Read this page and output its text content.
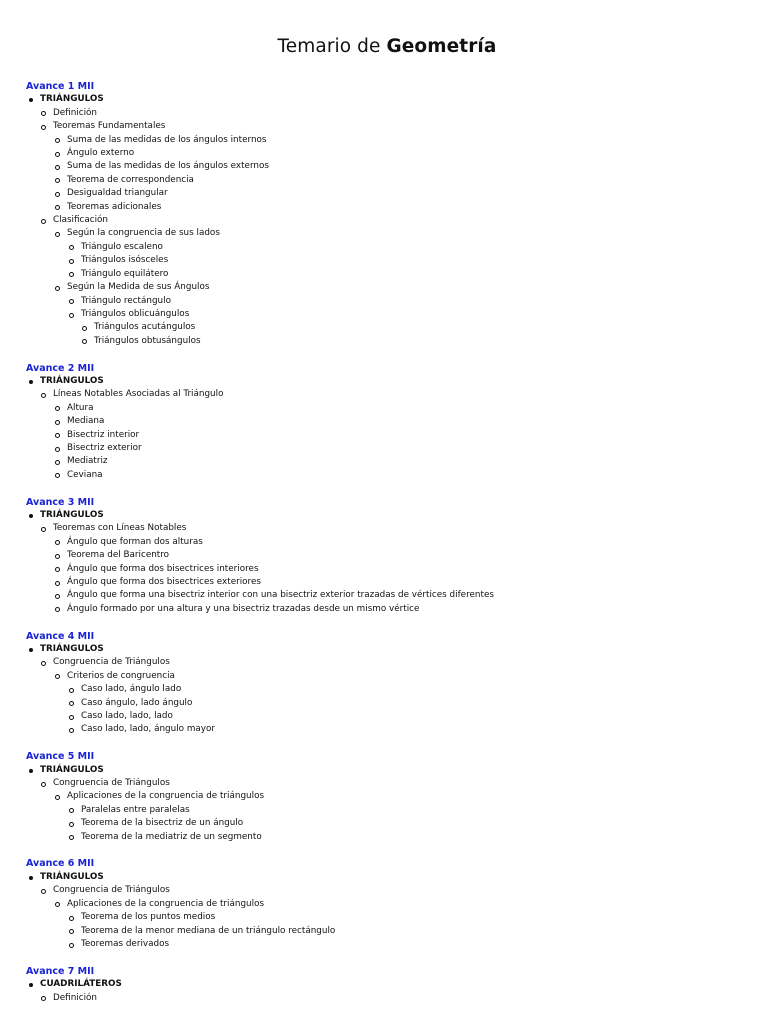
Temario de Geometría
Avance 1 MII
TRIÁNGULOS
Definición
Teoremas Fundamentales
Suma de las medidas de los ángulos internos
Ángulo externo
Suma de las medidas de los ángulos externos
Teorema de correspondencia
Desigualdad triangular
Teoremas adicionales
Clasificación
Según la congruencia de sus lados
Triángulo escaleno
Triángulos isósceles
Triángulo equilátero
Según la Medida de sus Ángulos
Triángulo rectángulo
Triángulos oblicuángulos
Triángulos acutángulos
Triángulos obtusángulos
Avance 2 MII
TRIÁNGULOS
Líneas Notables Asociadas al Triángulo
Altura
Mediana
Bisectriz interior
Bisectriz exterior
Mediatriz
Ceviana
Avance 3 MII
TRIÁNGULOS
Teoremas con Líneas Notables
Ángulo que forman dos alturas
Teorema del Baricentro
Ángulo que forma dos bisectrices interiores
Ángulo que forma dos bisectrices exteriores
Ángulo que forma una bisectriz interior con una bisectriz exterior trazadas de vértices diferentes
Ángulo formado por una altura y una bisectriz trazadas desde un mismo vértice
Avance 4 MII
TRIÁNGULOS
Congruencia de Triángulos
Criterios de congruencia
Caso lado, ángulo lado
Caso ángulo, lado ángulo
Caso lado, lado, lado
Caso lado, lado, ángulo mayor
Avance 5 MII
TRIÁNGULOS
Congruencia de Triángulos
Aplicaciones de la congruencia de triángulos
Paralelas entre paralelas
Teorema de la bisectriz de un ángulo
Teorema de la mediatriz de un segmento
Avance 6 MII
TRIÁNGULOS
Congruencia de Triángulos
Aplicaciones de la congruencia de triángulos
Teorema de los puntos medios
Teorema de la menor mediana de un triángulo rectángulo
Teoremas derivados
Avance 7 MII
CUADRILÁTEROS
Definición
